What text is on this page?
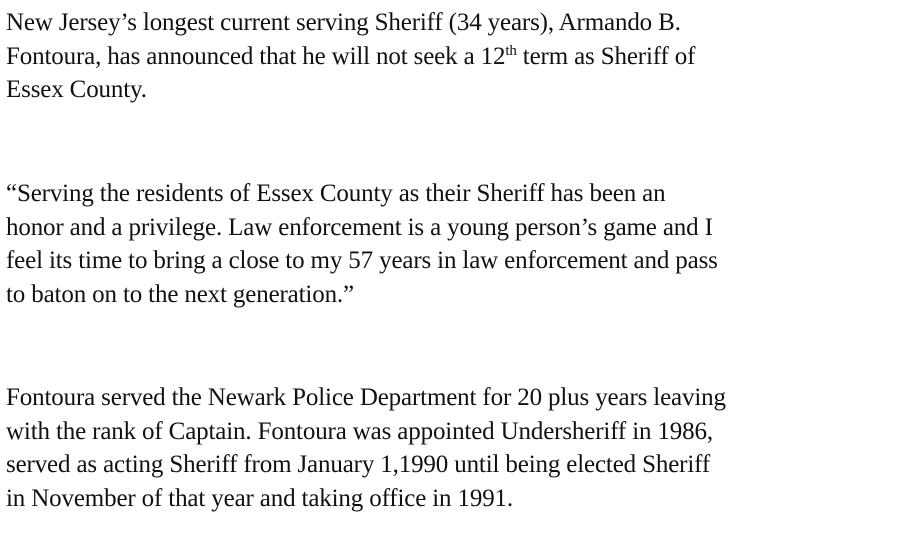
New Jersey’s longest current serving Sheriff (34 years), Armando B.
Fontoura, has announced that he will not seek a 12th term as Sheriff of
Essex County.

“Serving the residents of Essex County as their Sheriff has been an
honor and a privilege. Law enforcement is a young person’s game and I
feel its time to bring a close to my 57 years in law enforcement and pass
to baton on to the next generation.”

Fontoura served the Newark Police Department for 20 plus years leaving
with the rank of Captain. Fontoura was appointed Undersheriff in 1986,
served as acting Sheriff from January 1,1990 until being elected Sheriff
in November of that year and taking office in 1991.
